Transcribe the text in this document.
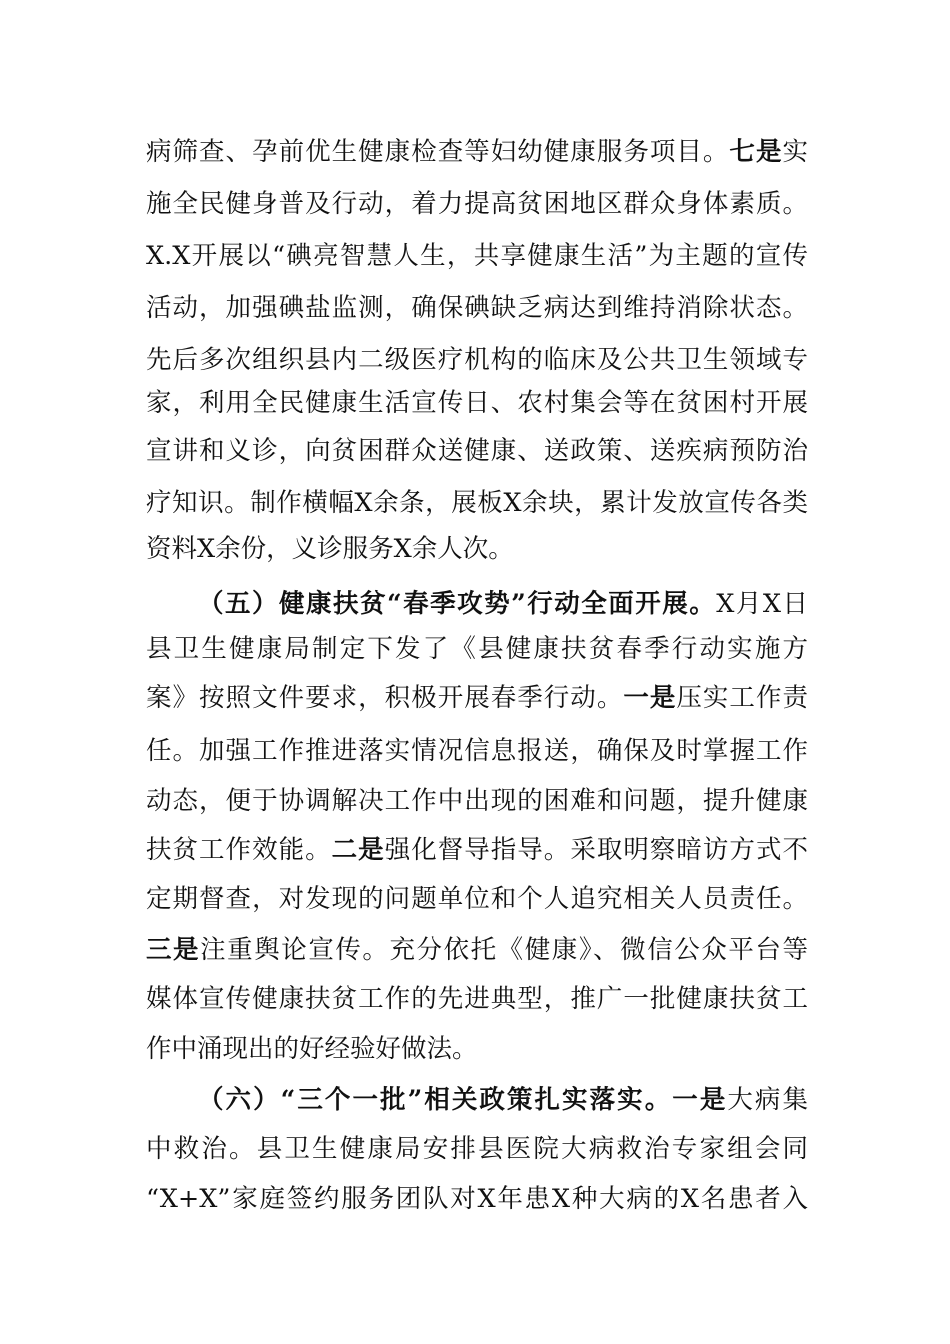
病筛查、孕前优生健康检查等妇幼健康服务项目。七是实
施全民健身普及行动，着力提高贫困地区群众身体素质。
X.X开展以“碘亮智慧人生，共享健康生活”为主题的宣传
活动，加强碘盐监测，确保碘缺乏病达到维持消除状态。
先后多次组织县内二级医疗机构的临床及公共卫生领域专
家，利用全民健康生活宣传日、农村集会等在贫困村开展
宣讲和义诊，向贫困群众送健康、送政策、送疾病预防治
疗知识。制作横幅X余条，展板X余块，累计发放宣传各类
资料X余份，义诊服务X余人次。
（五）健康扶贫“春季攻势”行动全面开展。X月X日
县卫生健康局制定下发了《县健康扶贫春季行动实施方
案》按照文件要求，积极开展春季行动。一是压实工作责
任。加强工作推进落实情况信息报送，确保及时掌握工作
动态，便于协调解决工作中出现的困难和问题，提升健康
扶贫工作效能。二是强化督导指导。采取明察暗访方式不
定期督查，对发现的问题单位和个人追究相关人员责任。
三是注重舆论宣传。充分依托《健康》、微信公众平台等
媒体宣传健康扶贫工作的先进典型，推广一批健康扶贫工
作中涌现出的好经验好做法。
（六）“三个一批”相关政策扎实落实。一是大病集
中救治。县卫生健康局安排县医院大病救治专家组会同
“X+X”家庭签约服务团队对X年患X种大病的X名患者入
